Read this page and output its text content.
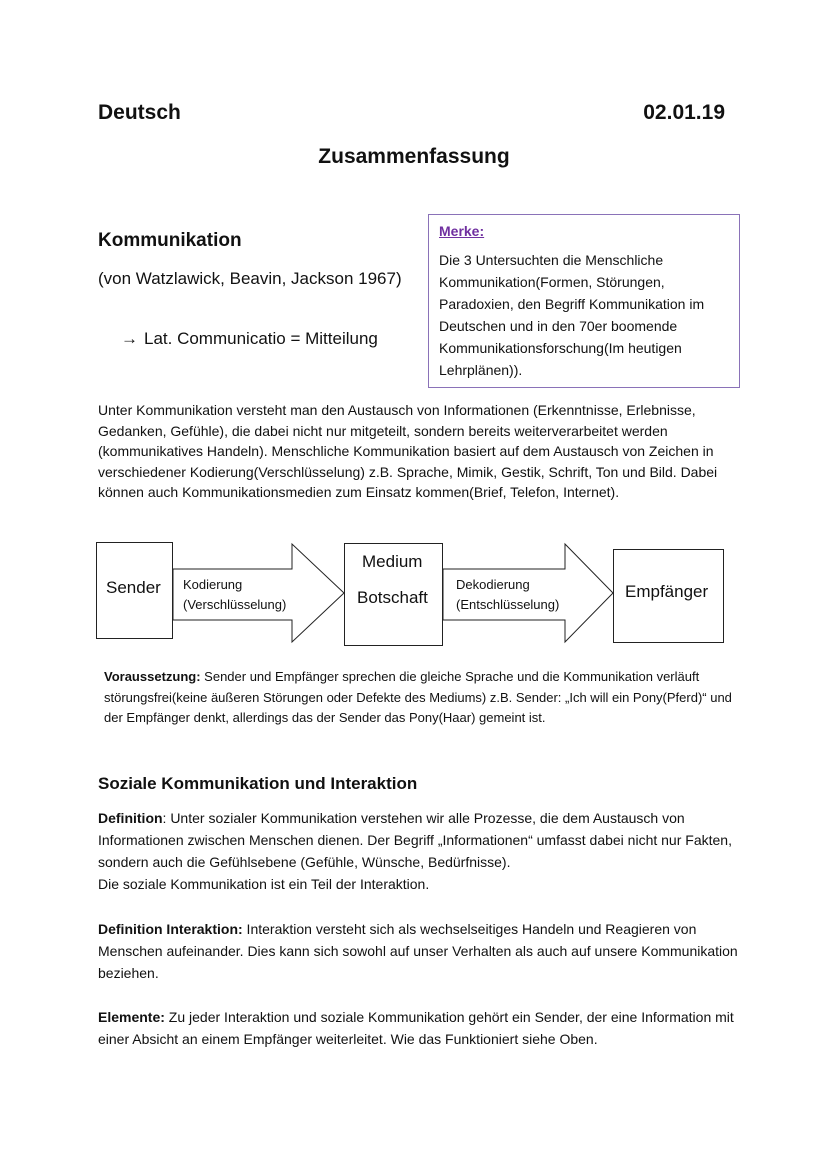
Deutsch	02.01.19
Zusammenfassung
Kommunikation
(von Watzlawick, Beavin, Jackson 1967)
→ Lat. Communicatio = Mitteilung
Merke:
Die 3 Untersuchten die Menschliche Kommunikation(Formen, Störungen, Paradoxien, den Begriff Kommunikation im Deutschen und in den 70er boomende Kommunikationsforschung(Im heutigen Lehrplänen)).
Unter Kommunikation versteht man den Austausch von Informationen (Erkenntnisse, Erlebnisse, Gedanken, Gefühle), die dabei nicht nur mitgeteilt, sondern bereits weiterverarbeitet werden (kommunikatives Handeln). Menschliche Kommunikation basiert auf dem Austausch von Zeichen in verschiedener Kodierung(Verschlüsselung) z.B. Sprache, Mimik, Gestik, Schrift, Ton und Bild. Dabei können auch Kommunikationsmedien zum Einsatz kommen(Brief, Telefon, Internet).
Sender Kodierung
(Verschlüsselung)
Medium
Botschaft
Dekodierung
(Entschlüsselung)
Empfänger
Voraussetzung: Sender und Empfänger sprechen die gleiche Sprache und die Kommunikation verläuft störungsfrei(keine äußeren Störungen oder Defekte des Mediums) z.B. Sender: „Ich will ein Pony(Pferd)“ und der Empfänger denkt, allerdings das der Sender das Pony(Haar) gemeint ist.
Soziale Kommunikation und Interaktion
Definition: Unter sozialer Kommunikation verstehen wir alle Prozesse, die dem Austausch von Informationen zwischen Menschen dienen. Der Begriff „Informationen“ umfasst dabei nicht nur Fakten, sondern auch die Gefühlsebene (Gefühle, Wünsche, Bedürfnisse).
Die soziale Kommunikation ist ein Teil der Interaktion.
Definition Interaktion: Interaktion versteht sich als wechselseitiges Handeln und Reagieren von Menschen aufeinander. Dies kann sich sowohl auf unser Verhalten als auch auf unsere Kommunikation beziehen.
Elemente: Zu jeder Interaktion und soziale Kommunikation gehört ein Sender, der eine Information mit einer Absicht an einem Empfänger weiterleitet. Wie das Funktioniert siehe Oben.
